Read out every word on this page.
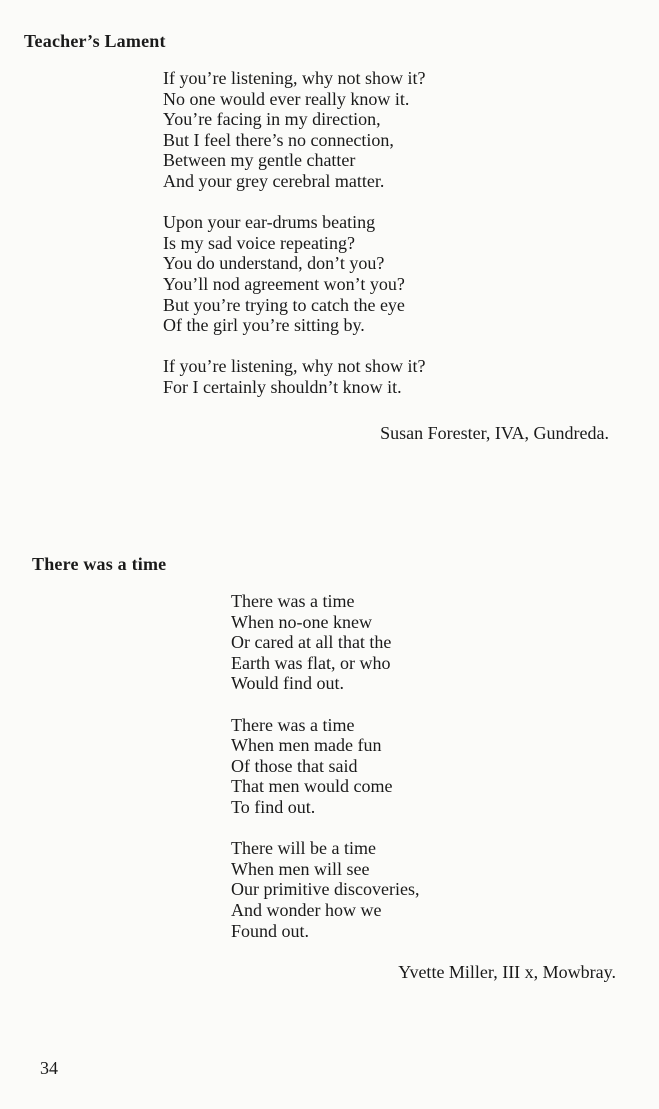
Teacher’s Lament
If you’re listening, why not show it?
No one would ever really know it.
You’re facing in my direction,
But I feel there’s no connection,
Between my gentle chatter
And your grey cerebral matter.
Upon your ear-drums beating
Is my sad voice repeating?
You do understand, don’t you?
You’ll nod agreement won’t you?
But you’re trying to catch the eye
Of the girl you’re sitting by.
If you’re listening, why not show it?
For I certainly shouldn’t know it.
Susan Forester, IVA, Gundreda.
There was a time
There was a time
When no-one knew
Or cared at all that the
Earth was flat, or who
Would find out.
There was a time
When men made fun
Of those that said
That men would come
To find out.
There will be a time
When men will see
Our primitive discoveries,
And wonder how we
Found out.
Yvette Miller, III x, Mowbray.
34
